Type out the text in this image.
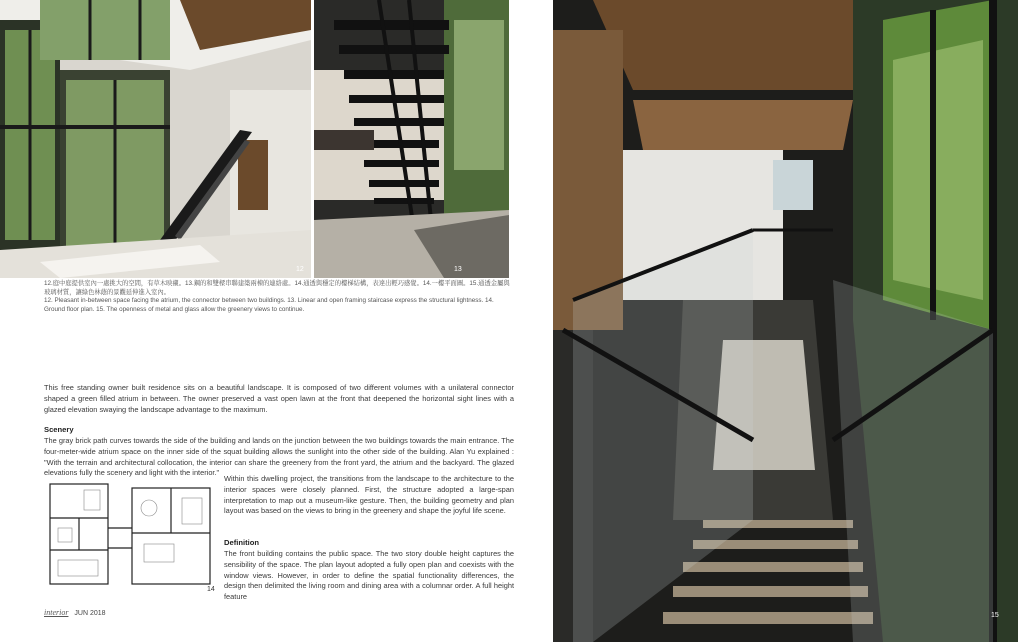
12	13

12.庭中庭提供室內一處挑大的空間，有草木映襯。13.鋼的和雙樑串聯建築兩棟的連絡處。14.通透與穩定的樓梯結構，表達出輕巧感覺。14.一樓平面圖。15.通透金屬與玻璃材質，讓綠色林蔭的景觀延伸進入室內。

12. Pleasant in-between space facing the atrium, the connector between two buildings. 13. Linear and open framing staircase express the structural lightness. 14. Ground floor plan. 15. The openness of metal and glass allow the greenery views to continue.

This free standing owner built residence sits on a beautiful landscape. It is composed of two different volumes with a unilateral connector shaped a green filled atrium in between. The owner preserved a vast open lawn at the front that deepened the horizontal sight lines with a glazed elevation swaying the landscape advantage to the maximum.

Scenery

The gray brick path curves towards the side of the building and lands on the junction between the two buildings towards the main entrance. The four-meter-wide atrium space on the inner side of the squat building allows the sunlight into the other side of the building. Alan Yu explained : "With the terrain and architectural collocation, the interior can share the greenery from the front yard, the atrium and the backyard. The glazed elevations fully the scenery and light with the interior."

14

Within this dwelling project, the transitions from the landscape to the architecture to the interior spaces were closely planned. First, the structure adopted a large-span interpretation to map out a museum-like gesture. Then, the building geometry and plan layout was based on the views to bring in the greenery and shape the joyful life scene.

Definition

The front building contains the public space. The two story double height captures the sensibility of the space. The plan layout adopted a fully open plan and coexists with the window views. However, in order to define the spatial functionality differences, the design then delimited the living room and dining area with a columnar order. A full height feature

interior JUN 2018	15
